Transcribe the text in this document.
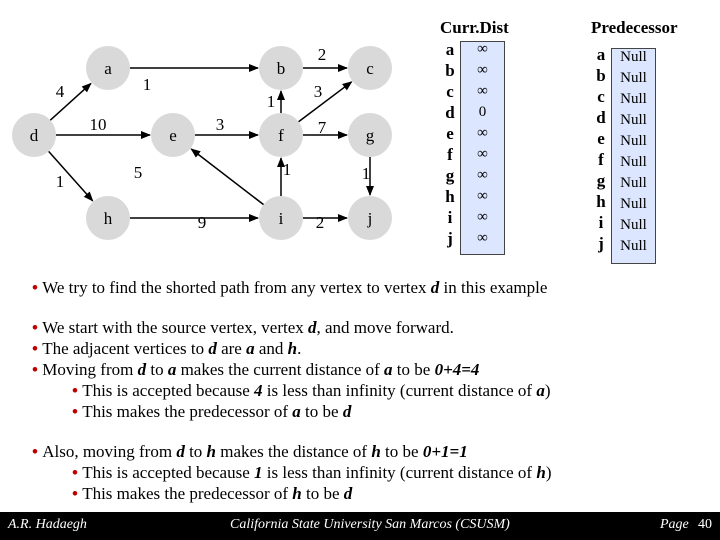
4	1
10
1
2
3
1
3	7
5
9
1	1
2
a	b	c
d	e	f	g
h	i	j
Curr.Dist	Predecessor
a	∞	a Null
b	∞	b Null
c	∞	c	Null
d	0	d Null
e	∞	e	Null
f	∞	f	Null
g	∞	g Null
h	∞	h Null
i	∞	i	Null
j	∞	j	Null
• We try to find the shorted path from any vertex to vertex d in this example
• We start with the source vertex, vertex d, and move forward.
• The adjacent vertices to d are a and h.
• Moving from d to a makes the current distance of a to be 0+4=4
• This is accepted because 4 is less than infinity (current distance of a)
• This makes the predecessor of a to be d
• Also, moving from d to h makes the distance of h to be 0+1=1
• This is accepted because 1 is less than infinity (current distance of h)
• This makes the predecessor of h to be d
A.R. Hadaegh	California State University San Marcos (CSUSM)	Page 40
